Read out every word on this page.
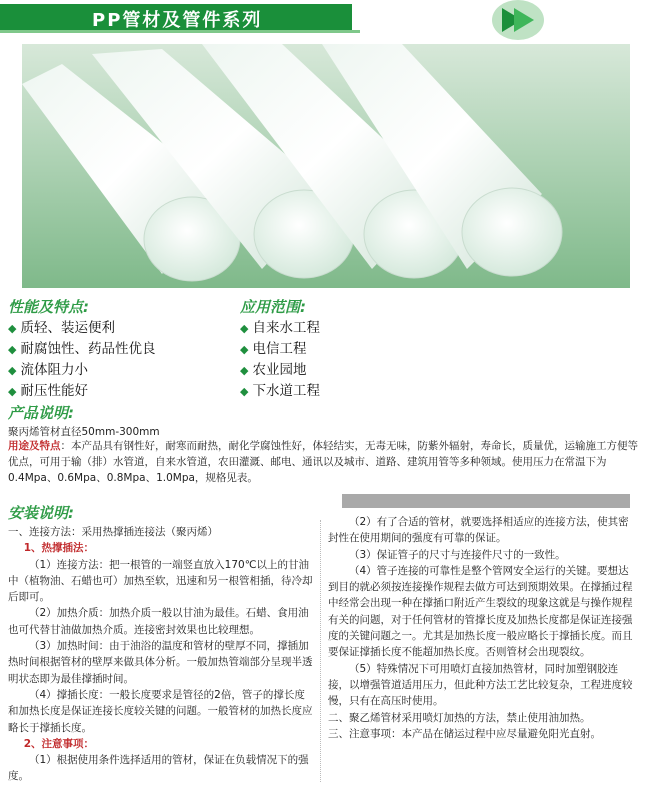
PP管材及管件系列
性能及特点:
◆ 质轻、装运便利
◆ 耐腐蚀性、药品性优良
◆ 流体阻力小
◆ 耐压性能好
应用范围:
◆ 自来水工程
◆ 电信工程
◆ 农业园地
◆ 下水道工程
产品说明:
聚丙烯管材直径50mm-300mm
用途及特点：本产品具有钢性好，耐寒而耐热，耐化学腐蚀性好，体轻结实，无毒无味，防紫外辐射，寿命长，质量优，运输施工方便等优点，可用于输（排）水管道，自来水管道，农田灌溉、邮电、通讯以及城市、道路、建筑用管等多种领域。使用压力在常温下为0.4Mpa、0.6Mpa、0.8Mpa、1.0Mpa，规格见表。
安装说明:

一、连接方法：采用热撑插连接法（聚丙烯）

1、热撑插法：

（1）连接方法：把一根管的一端竖直放入170℃以上的甘油中（植物油、石蜡也可）加热至软，迅速和另一根管相插，待冷却后即可。

（2）加热介质：加热介质一般以甘油为最佳。石蜡、食用油也可代替甘油做加热介质。连接密封效果也比较理想。

（3）加热时间：由于油浴的温度和管材的壁厚不同，撑插加热时间根据管材的壁厚来做具体分析。一般加热管端部分呈现半透明状态即为最佳撑插时间。

（4）撑插长度：一般长度要求是管径的2倍，管子的撑长度和加热长度是保证连接长度较关键的问题。一般管材的加热长度应略长于撑插长度。

2、注意事项：

（1）根据使用条件选择适用的管材，保证在负载情况下的强度。

（2）有了合适的管材，就要选择相适应的连接方法，使其密封性在使用期间的强度有可靠的保证。

（3）保证管子的尺寸与连接件尺寸的一致性。

（4）管子连接的可靠性是整个管网安全运行的关键。要想达到目的就必须按连接操作规程去做方可达到预期效果。在撑插过程中经常会出现一种在撑插口附近产生裂纹的现象这就是与操作规程有关的问题，对于任何管材的管撑长度及加热长度都是保证连接强度的关键问题之一。尤其是加热长度一般应略长于撑插长度。而且要保证撑插长度不能超加热长度。否则管材会出现裂纹。

（5）特殊情况下可用喷灯直接加热管材，同时加塑钢胶连接，以增强管道适用压力，但此种方法工艺比较复杂，工程进度较慢，只有在高压时使用。

二、聚乙烯管材采用喷灯加热的方法，禁止使用油加热。

三、注意事项：本产品在储运过程中应尽量避免阳光直射。
